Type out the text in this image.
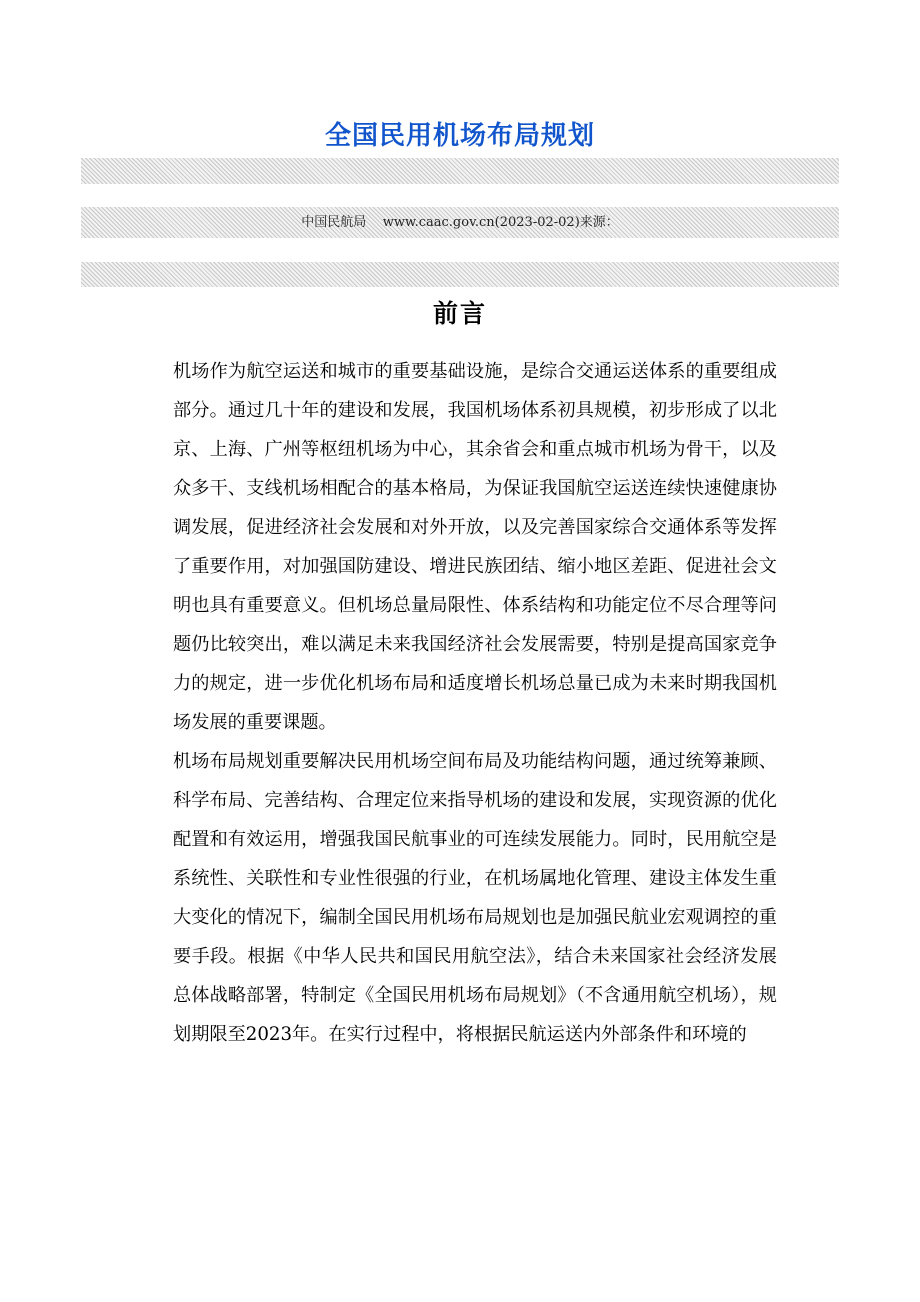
全国民用机场布局规划
中国民航局    www.caac.gov.cn(2023-02-02)来源：
前言

机场作为航空运送和城市的重要基础设施，是综合交通运送体系的重要组成部分。通过几十年的建设和发展，我国机场体系初具规模，初步形成了以北京、上海、广州等枢纽机场为中心，其余省会和重点城市机场为骨干，以及众多干、支线机场相配合的基本格局，为保证我国航空运送连续快速健康协调发展，促进经济社会发展和对外开放，以及完善国家综合交通体系等发挥了重要作用，对加强国防建设、增进民族团结、缩小地区差距、促进社会文明也具有重要意义。但机场总量局限性、体系结构和功能定位不尽合理等问题仍比较突出，难以满足未来我国经济社会发展需要，特别是提高国家竞争力的规定，进一步优化机场布局和适度增长机场总量已成为未来时期我国机场发展的重要课题。

机场布局规划重要解决民用机场空间布局及功能结构问题，通过统筹兼顾、科学布局、完善结构、合理定位来指导机场的建设和发展，实现资源的优化配置和有效运用，增强我国民航事业的可连续发展能力。同时，民用航空是系统性、关联性和专业性很强的行业，在机场属地化管理、建设主体发生重大变化的情况下，编制全国民用机场布局规划也是加强民航业宏观调控的重要手段。根据《中华人民共和国民用航空法》，结合未来国家社会经济发展总体战略部署，特制定《全国民用机场布局规划》（不含通用航空机场），规划期限至2023年。在实行过程中，将根据民航运送内外部条件和环境的
